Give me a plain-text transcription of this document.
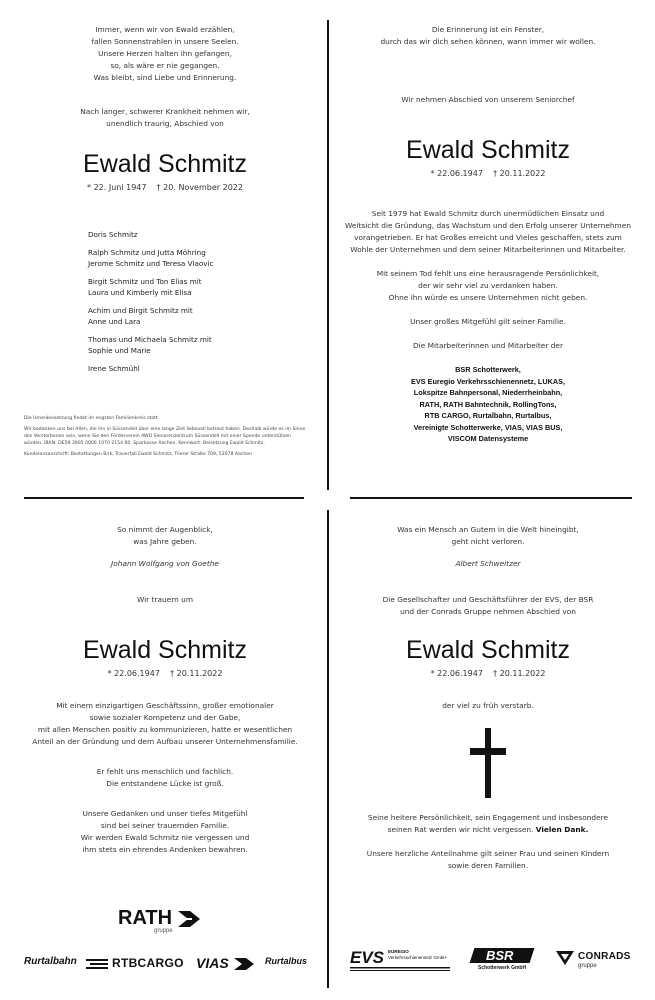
Immer, wenn wir von Ewald erzählen,

fallen Sonnenstrahlen in unsere Seelen.

Unsere Herzen halten ihn gefangen,

so, als wäre er nie gegangen.

Was bleibt, sind Liebe und Erinnerung.

Nach langer, schwerer Krankheit nehmen wir,

unendlich traurig, Abschied von

Ewald Schmitz

* 22. Juni 1947    † 20. November 2022

Doris Schmitz

Ralph Schmitz und Jutta Möhring

Jerome Schmitz und Teresa Vlaovic

Birgit Schmitz und Ton Elias mit

Laura und Kimberly mit Elisa

Achim und Birgit Schmitz mit

Anne und Lara

Thomas und Michaela Schmitz mit

Sophie und Marie

Irene Schmühl

Die Urnenbeisetzung findet im engsten Familienkreis statt.

Wir bedanken uns bei Allen, die ihn in Süssendell über eine lange Zeit liebevoll betreut haben. Deshalb würde es im Sinne des Verstorbenen sein, wenn Sie den Förderverein AWO Seniorenzentrum Süssendell mit einer Spende unterstützen würden. IBAN: DE59 3905 0000 1070 2154 60, Sparkasse Aachen, Kennwort: Beisetzung Ewald Schmitz.

Kondolenzanschrift: Bestattungen Birk, Trauerfall Ewald Schmitz, Trierer Straße 709, 52078 Aachen

Die Erinnerung ist ein Fenster,

durch das wir dich sehen können, wann immer wir wollen.

Wir nehmen Abschied von unserem Seniorchef

Ewald Schmitz

* 22.06.1947    † 20.11.2022

Seit 1979 hat Ewald Schmitz durch unermüdlichen Einsatz und

Weitsicht die Gründung, das Wachstum und den Erfolg unserer Unternehmen

vorangetrieben. Er hat Großes erreicht und Vieles geschaffen, stets zum

Wohle der Unternehmen und dem seiner Mitarbeiterinnen und Mitarbeiter.

Mit seinem Tod fehlt uns eine herausragende Persönlichkeit,

der wir sehr viel zu verdanken haben.

Ohne ihn würde es unsere Unternehmen nicht geben.

Unser großes Mitgefühl gilt seiner Familie.

Die Mitarbeiterinnen und Mitarbeiter der

BSR Schotterwerk,

EVS Euregio Verkehrsschienennetz, LUKAS,

Lokspitze Bahnpersonal, Niederrheinbahn,

RATH, RATH Bahntechnik, RollingTons,

RTB CARGO, Rurtalbahn, Rurtalbus,

Vereinigte Schotterwerke, VIAS, VIAS BUS,

VISCOM Datensysteme

So nimmt der Augenblick,

was Jahre geben.

Johann Wolfgang von Goethe

Wir trauern um

Ewald Schmitz

* 22.06.1947    † 20.11.2022

Mit einem einzigartigen Geschäftssinn, großer emotionaler

sowie sozialer Kompetenz und der Gabe,

mit allen Menschen positiv zu kommunizieren, hatte er wesentlichen

Anteil an der Gründung und dem Aufbau unserer Unternehmensfamilie.

Er fehlt uns menschlich und fachlich.

Die entstandene Lücke ist groß.

Unsere Gedanken und unser tiefes Mitgefühl

sind bei seiner trauernden Familie.

Wir werden Ewald Schmitz nie vergessen und

ihm stets ein ehrendes Andenken bewahren.

RATH
gruppe
Rurtalbahn	RTBCARGO VIAS	Rurtalbus

Was ein Mensch an Gutem in die Welt hineingibt,

geht nicht verloren.

Albert Schweitzer

Die Gesellschafter und Geschäftsführer der EVS, der BSR

und der Conrads Gruppe nehmen Abschied von

Ewald Schmitz

* 22.06.1947    † 20.11.2022

der viel zu früh verstarb.

Seine heitere Persönlichkeit, sein Engagement und insbesondere

seinen Rat werden wir nicht vergessen. Vielen Dank.

Unsere herzliche Anteilnahme gilt seiner Frau und seinen Kindern

sowie deren Familien.

EVS EUREGIO
Verkehrsschienennetz GmbH	BSR
Schotterwerk GmbH
CONRADS
gruppe
